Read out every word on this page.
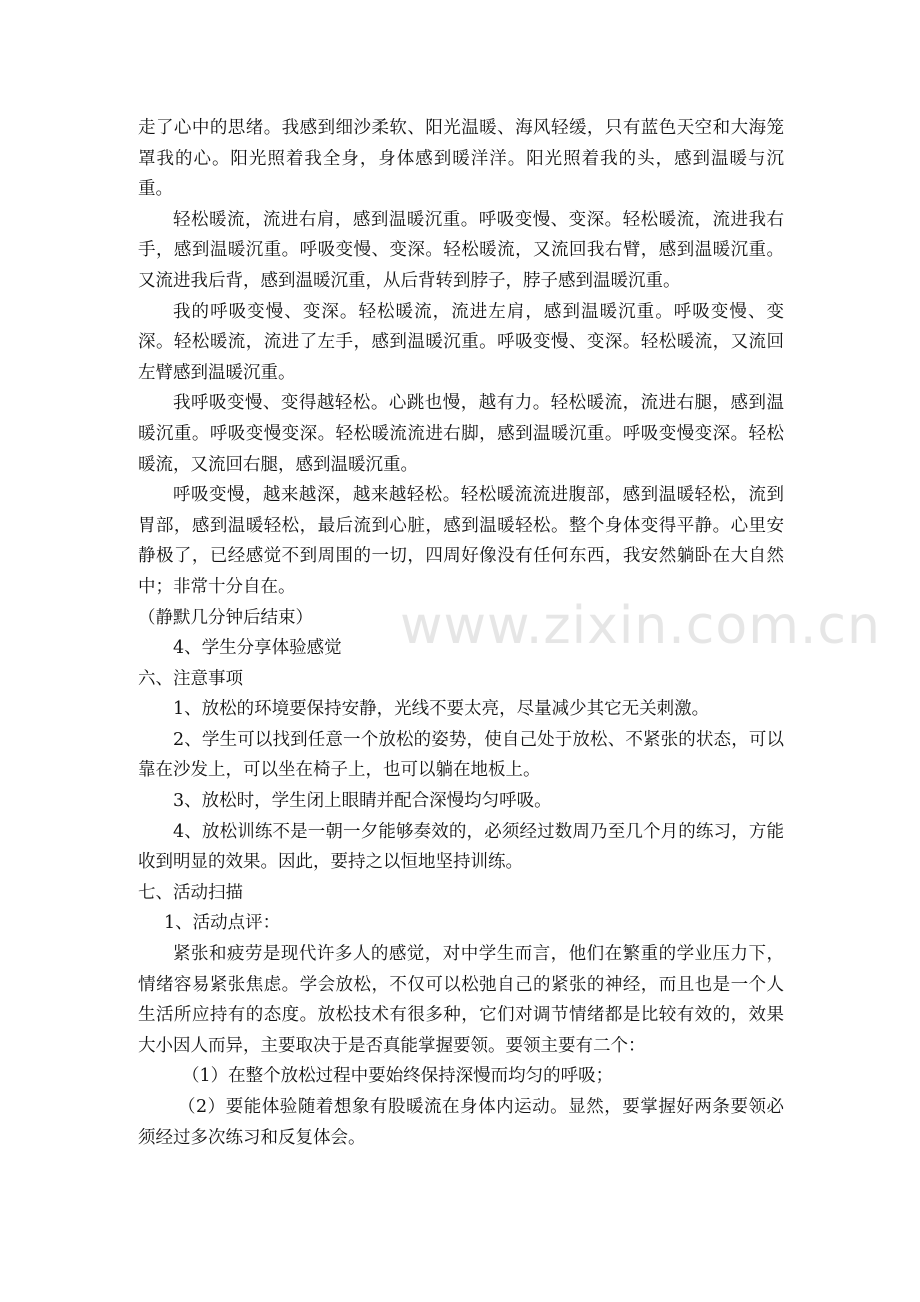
走了心中的思绪。我感到细沙柔软、阳光温暖、海风轻缓，只有蓝色天空和大海笼罩我的心。阳光照着我全身，身体感到暖洋洋。阳光照着我的头，感到温暖与沉重。

轻松暖流，流进右肩，感到温暖沉重。呼吸变慢、变深。轻松暖流，流进我右手，感到温暖沉重。呼吸变慢、变深。轻松暖流，又流回我右臂，感到温暖沉重。又流进我后背，感到温暖沉重，从后背转到脖子，脖子感到温暖沉重。

我的呼吸变慢、变深。轻松暖流，流进左肩，感到温暖沉重。呼吸变慢、变深。轻松暖流，流进了左手，感到温暖沉重。呼吸变慢、变深。轻松暖流，又流回左臂感到温暖沉重。

我呼吸变慢、变得越轻松。心跳也慢，越有力。轻松暖流，流进右腿，感到温暖沉重。呼吸变慢变深。轻松暖流流进右脚，感到温暖沉重。呼吸变慢变深。轻松暖流，又流回右腿，感到温暖沉重。

呼吸变慢，越来越深，越来越轻松。轻松暖流流进腹部，感到温暖轻松，流到胃部，感到温暖轻松，最后流到心脏，感到温暖轻松。整个身体变得平静。心里安静极了，已经感觉不到周围的一切，四周好像没有任何东西，我安然躺卧在大自然中；非常十分自在。

（静默几分钟后结束）

4、学生分享体验感觉

六、注意事项

1、放松的环境要保持安静，光线不要太亮，尽量减少其它无关刺激。

2、学生可以找到任意一个放松的姿势，使自己处于放松、不紧张的状态，可以靠在沙发上，可以坐在椅子上，也可以躺在地板上。

3、放松时，学生闭上眼睛并配合深慢均匀呼吸。

4、放松训练不是一朝一夕能够奏效的，必须经过数周乃至几个月的练习，方能收到明显的效果。因此，要持之以恒地坚持训练。

七、活动扫描

1、活动点评：

紧张和疲劳是现代许多人的感觉，对中学生而言，他们在繁重的学业压力下，情绪容易紧张焦虑。学会放松，不仅可以松弛自己的紧张的神经，而且也是一个人生活所应持有的态度。放松技术有很多种，它们对调节情绪都是比较有效的，效果大小因人而异，主要取决于是否真能掌握要领。要领主要有二个：

（1）在整个放松过程中要始终保持深慢而均匀的呼吸；

（2）要能体验随着想象有股暖流在身体内运动。显然，要掌握好两条要领必须经过多次练习和反复体会。

www.zixin.com.cn
